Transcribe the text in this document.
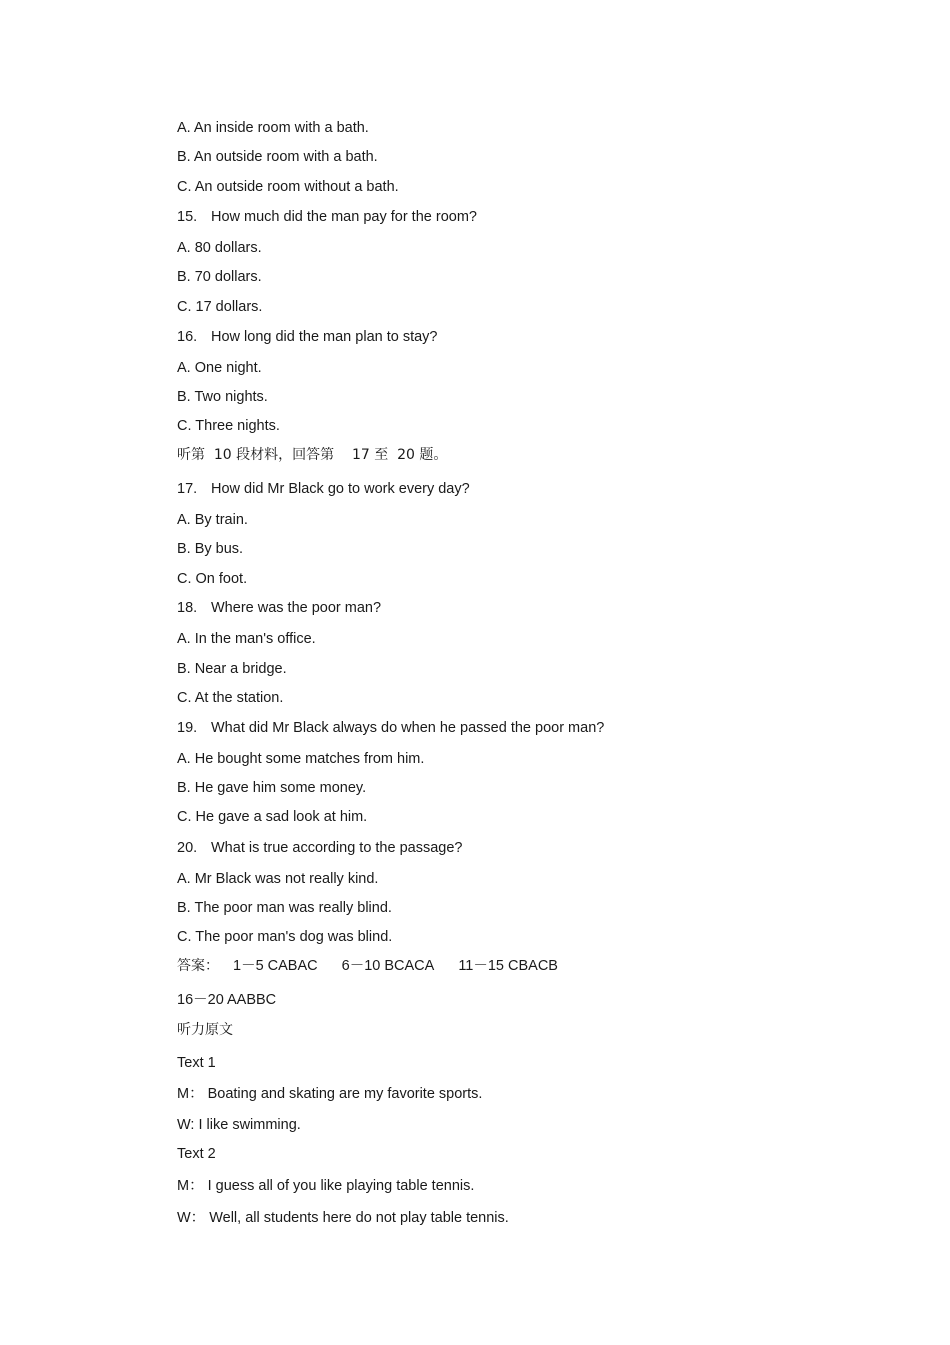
A. An inside room with a bath.

B. An outside room with a bath.

C. An outside room without a bath.

15. How much did the man pay for the room?

A. 80 dollars.

B. 70 dollars.

C. 17 dollars.

16. How long did the man plan to stay?

A. One night.

B. Two nights.

C. Three nights.

听第  10 段材料，回答第    17 至  20 题。

17. How did Mr Black go to work every day?

A. By train.

B. By bus.

C. On foot.

18. Where was the poor man?

A. In the man's office.

B. Near a bridge.

C. At the station.

19. What did Mr Black always do when he passed the poor man?

A. He bought some matches from him.

B. He gave him some money.

C. He gave a sad look at him.

20. What is true according to the passage?

A. Mr Black was not really kind.

B. The poor man was really blind.

C. The poor man's dog was blind.

答案： 1－5 CABAC 6－10 BCACA 11－15 CBACB

16－20 AABBC

听力原文

Text 1

M： Boating and skating are my favorite sports.

W: I like swimming.

Text 2

M： I guess all of you like playing table tennis.

W： Well, all students here do not play table tennis.
